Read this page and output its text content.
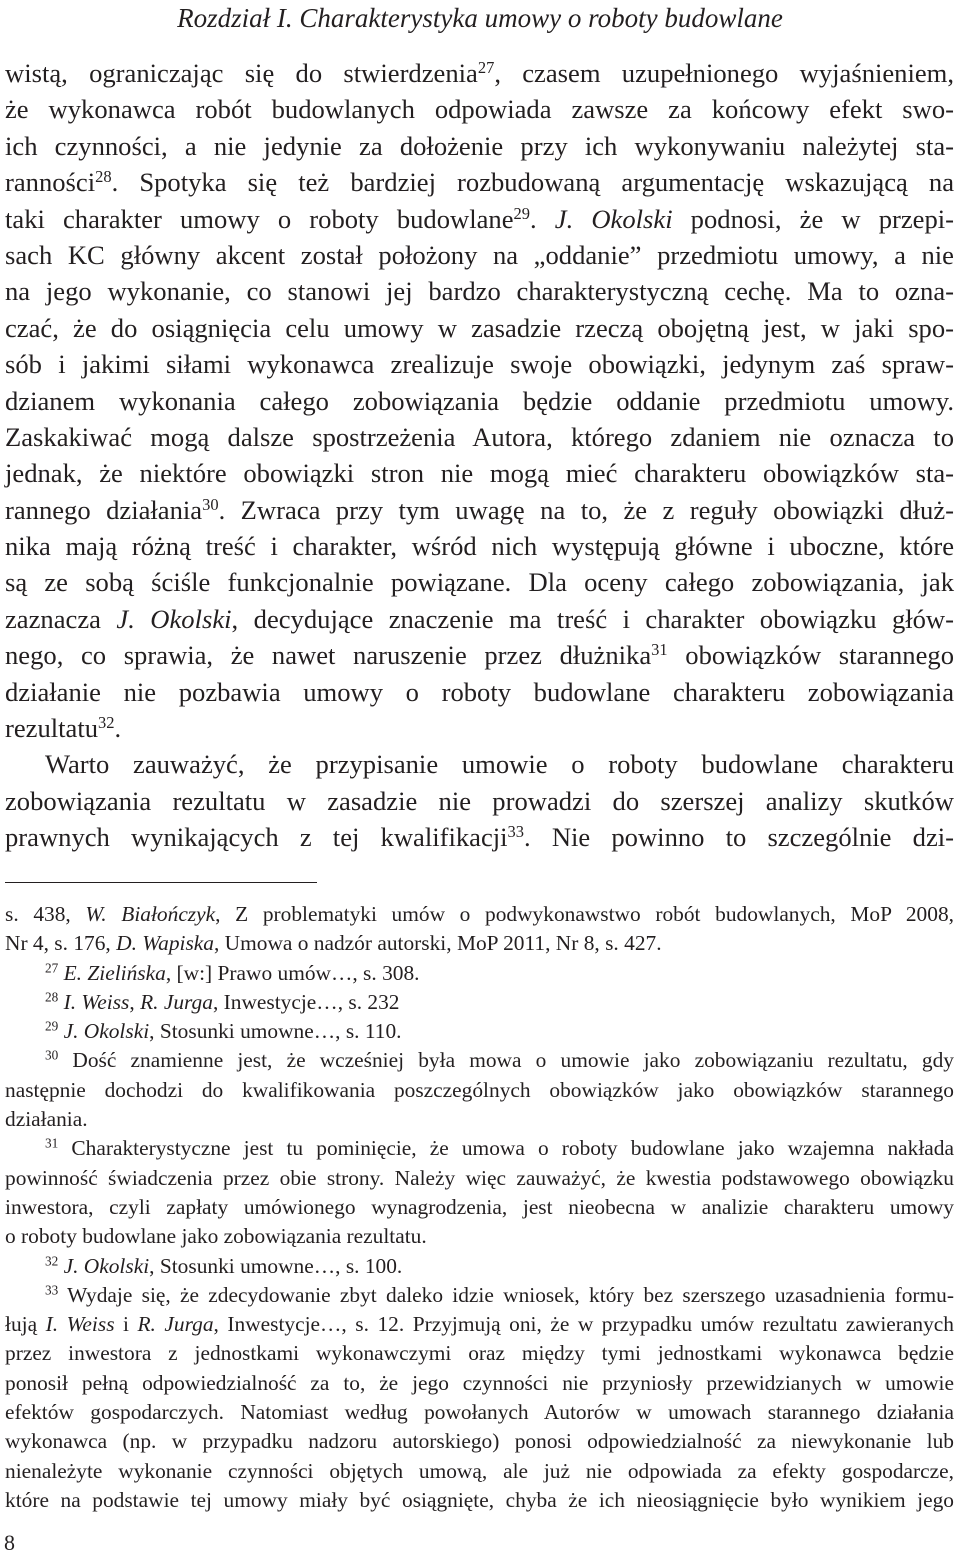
Rozdział I. Charakterystyka umowy o roboty budowlane
wistą, ograniczając się do stwierdzenia$^{27}$, czasem uzupełnionego wyjaśnieniem,
że wykonawca robót budowlanych odpowiada zawsze za końcowy efekt swo-
ich czynności, a nie jedynie za dołożenie przy ich wykonywaniu należytej sta-
ranności$^{28}$. Spotyka się też bardziej rozbudowaną argumentację wskazującą na
taki charakter umowy o roboty budowlane$^{29}$. J. Okolski podnosi, że w przepi-
sach KC główny akcent został położony na „oddanie” przedmiotu umowy, a nie
na jego wykonanie, co stanowi jej bardzo charakterystyczną cechę. Ma to ozna-
czać, że do osiągnięcia celu umowy w zasadzie rzeczą obojętną jest, w jaki spo-
sób i jakimi siłami wykonawca zrealizuje swoje obowiązki, jedynym zaś spraw-
dzianem wykonania całego zobowiązania będzie oddanie przedmiotu umowy.
Zaskakiwać mogą dalsze spostrzeżenia Autora, którego zdaniem nie oznacza to
jednak, że niektóre obowiązki stron nie mogą mieć charakteru obowiązków sta-
rannego działania$^{30}$. Zwraca przy tym uwagę na to, że z reguły obowiązki dłuż-
nika mają różną treść i charakter, wśród nich występują główne i uboczne, które
są ze sobą ściśle funkcjonalnie powiązane. Dla oceny całego zobowiązania, jak
zaznacza J. Okolski, decydujące znaczenie ma treść i charakter obowiązku głów-
nego, co sprawia, że nawet naruszenie przez dłużnika$^{31}$ obowiązków starannego
działanie nie pozbawia umowy o roboty budowlane charakteru zobowiązania
rezultatu$^{32}$.
Warto zauważyć, że przypisanie umowie o roboty budowlane charakteru
zobowiązania rezultatu w zasadzie nie prowadzi do szerszej analizy skutków
prawnych wynikających z tej kwalifikacji$^{33}$. Nie powinno to szczególnie dzi-
s. 438, W. Białończyk, Z problematyki umów o podwykonawstwo robót budowlanych, MoP 2008,
Nr 4, s. 176, D. Wapiska, Umowa o nadzór autorski, MoP 2011, Nr 8, s. 427.
$^{27}$ E. Zielińska, [w:] Prawo umów…, s. 308.
$^{28}$ I. Weiss, R. Jurga, Inwestycje…, s. 232
$^{29}$ J. Okolski, Stosunki umowne…, s. 110.
$^{30}$ Dość znamienne jest, że wcześniej była mowa o umowie jako zobowiązaniu rezultatu, gdy
następnie dochodzi do kwalifikowania poszczególnych obowiązków jako obowiązków starannego
działania.
$^{31}$ Charakterystyczne jest tu pominięcie, że umowa o roboty budowlane jako wzajemna nakłada
powinność świadczenia przez obie strony. Należy więc zauważyć, że kwestia podstawowego obowiązku
inwestora, czyli zapłaty umówionego wynagrodzenia, jest nieobecna w analizie charakteru umowy
o roboty budowlane jako zobowiązania rezultatu.
$^{32}$ J. Okolski, Stosunki umowne…, s. 100.
$^{33}$ Wydaje się, że zdecydowanie zbyt daleko idzie wniosek, który bez szerszego uzasadnienia formu-
łują I. Weiss i R. Jurga, Inwestycje…, s. 12. Przyjmują oni, że w przypadku umów rezultatu zawieranych
przez inwestora z jednostkami wykonawczymi oraz między tymi jednostkami wykonawca będzie
ponosił pełną odpowiedzialność za to, że jego czynności nie przyniosły przewidzianych w umowie
efektów gospodarczych. Natomiast według powołanych Autorów w umowach starannego działania
wykonawca (np. w przypadku nadzoru autorskiego) ponosi odpowiedzialność za niewykonanie lub
nienależyte wykonanie czynności objętych umową, ale już nie odpowiada za efekty gospodarcze,
które na podstawie tej umowy miały być osiągnięte, chyba że ich nieosiągnięcie było wynikiem jego
8
